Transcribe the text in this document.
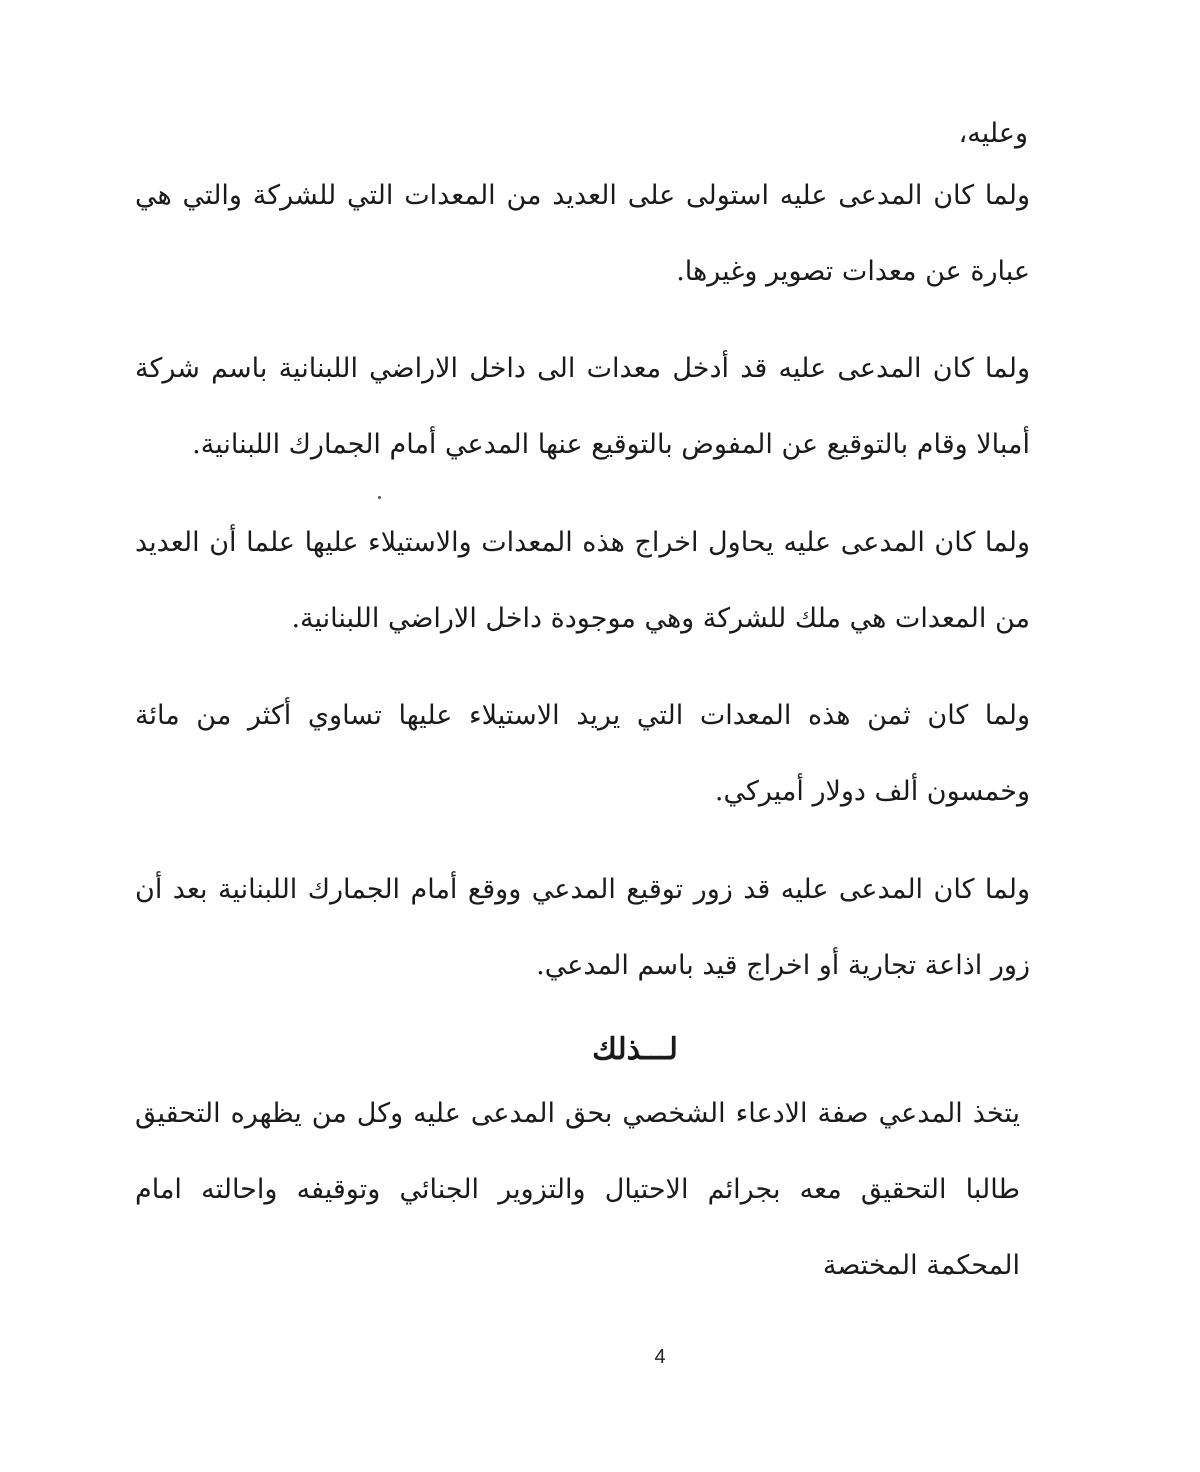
وعليه،
ولما كان المدعى عليه استولى على العديد من المعدات التي للشركة والتي هي عبارة عن معدات تصوير وغيرها.
ولما كان المدعى عليه قد أدخل معدات الى داخل الاراضي اللبنانية باسم شركة أمبالا وقام بالتوقيع عن المفوض بالتوقيع عنها المدعي أمام الجمارك اللبنانية.
ولما كان المدعى عليه يحاول اخراج هذه المعدات والاستيلاء عليها علما أن العديد من المعدات هي ملك للشركة وهي موجودة داخل الاراضي اللبنانية.
ولما كان ثمن هذه المعدات التي يريد الاستيلاء عليها تساوي أكثر من مائة وخمسون ألف دولار أميركي.
ولما كان المدعى عليه قد زور توقيع المدعي ووقع أمام الجمارك اللبنانية بعد أن زور اذاعة تجارية أو اخراج قيد باسم المدعي.
لـــذلك
يتخذ المدعي صفة الادعاء الشخصي بحق المدعى عليه وكل من يظهره التحقيق طالبا التحقيق معه بجرائم الاحتيال والتزوير الجنائي وتوقيفه واحالته امام المحكمة المختصة
4
